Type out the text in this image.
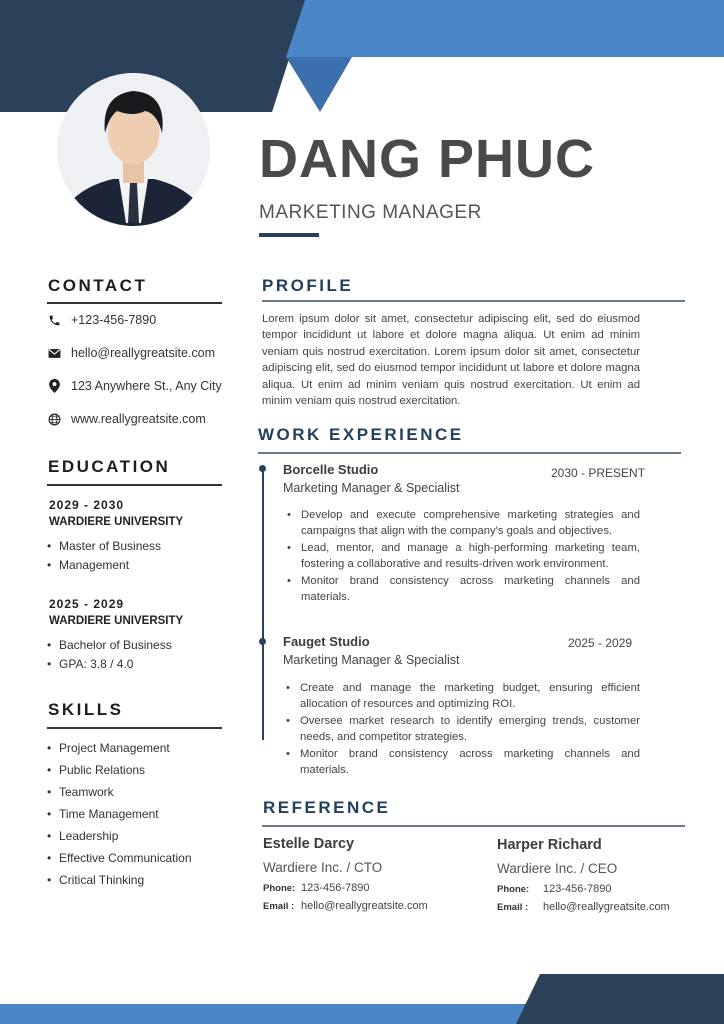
DANG PHUC
MARKETING MANAGER
CONTACT
+123-456-7890
hello@reallygreatsite.com
123 Anywhere St., Any City
www.reallygreatsite.com
EDUCATION
2029 - 2030
WARDIERE UNIVERSITY
• Master of Business
• Management
2025 - 2029
WARDIERE UNIVERSITY
• Bachelor of Business
• GPA: 3.8 / 4.0
SKILLS
• Project Management
• Public Relations
• Teamwork
• Time Management
• Leadership
• Effective Communication
• Critical Thinking
PROFILE
Lorem ipsum dolor sit amet, consectetur adipiscing elit, sed do eiusmod tempor incididunt ut labore et dolore magna aliqua. Ut enim ad minim veniam quis nostrud exercitation. Lorem ipsum dolor sit amet, consectetur adipiscing elit, sed do eiusmod tempor incididunt ut labore et dolore magna aliqua. Ut enim ad minim veniam quis nostrud exercitation. Ut enim ad minim veniam quis nostrud exercitation.
WORK EXPERIENCE
Borcelle Studio	2030 - PRESENT
Marketing Manager & Specialist
• Develop and execute comprehensive marketing strategies and campaigns that align with the company's goals and objectives.
• Lead, mentor, and manage a high-performing marketing team, fostering a collaborative and results-driven work environment.
• Monitor brand consistency across marketing channels and materials.
Fauget Studio	2025 - 2029
Marketing Manager & Specialist
• Create and manage the marketing budget, ensuring efficient allocation of resources and optimizing ROI.
• Oversee market research to identify emerging trends, customer needs, and competitor strategies.
• Monitor brand consistency across marketing channels and materials.
REFERENCE
Estelle Darcy
Wardiere Inc. / CTO
Phone: 123-456-7890
Email : hello@reallygreatsite.com
Harper Richard
Wardiere Inc. / CEO
Phone: 123-456-7890
Email : hello@reallygreatsite.com
